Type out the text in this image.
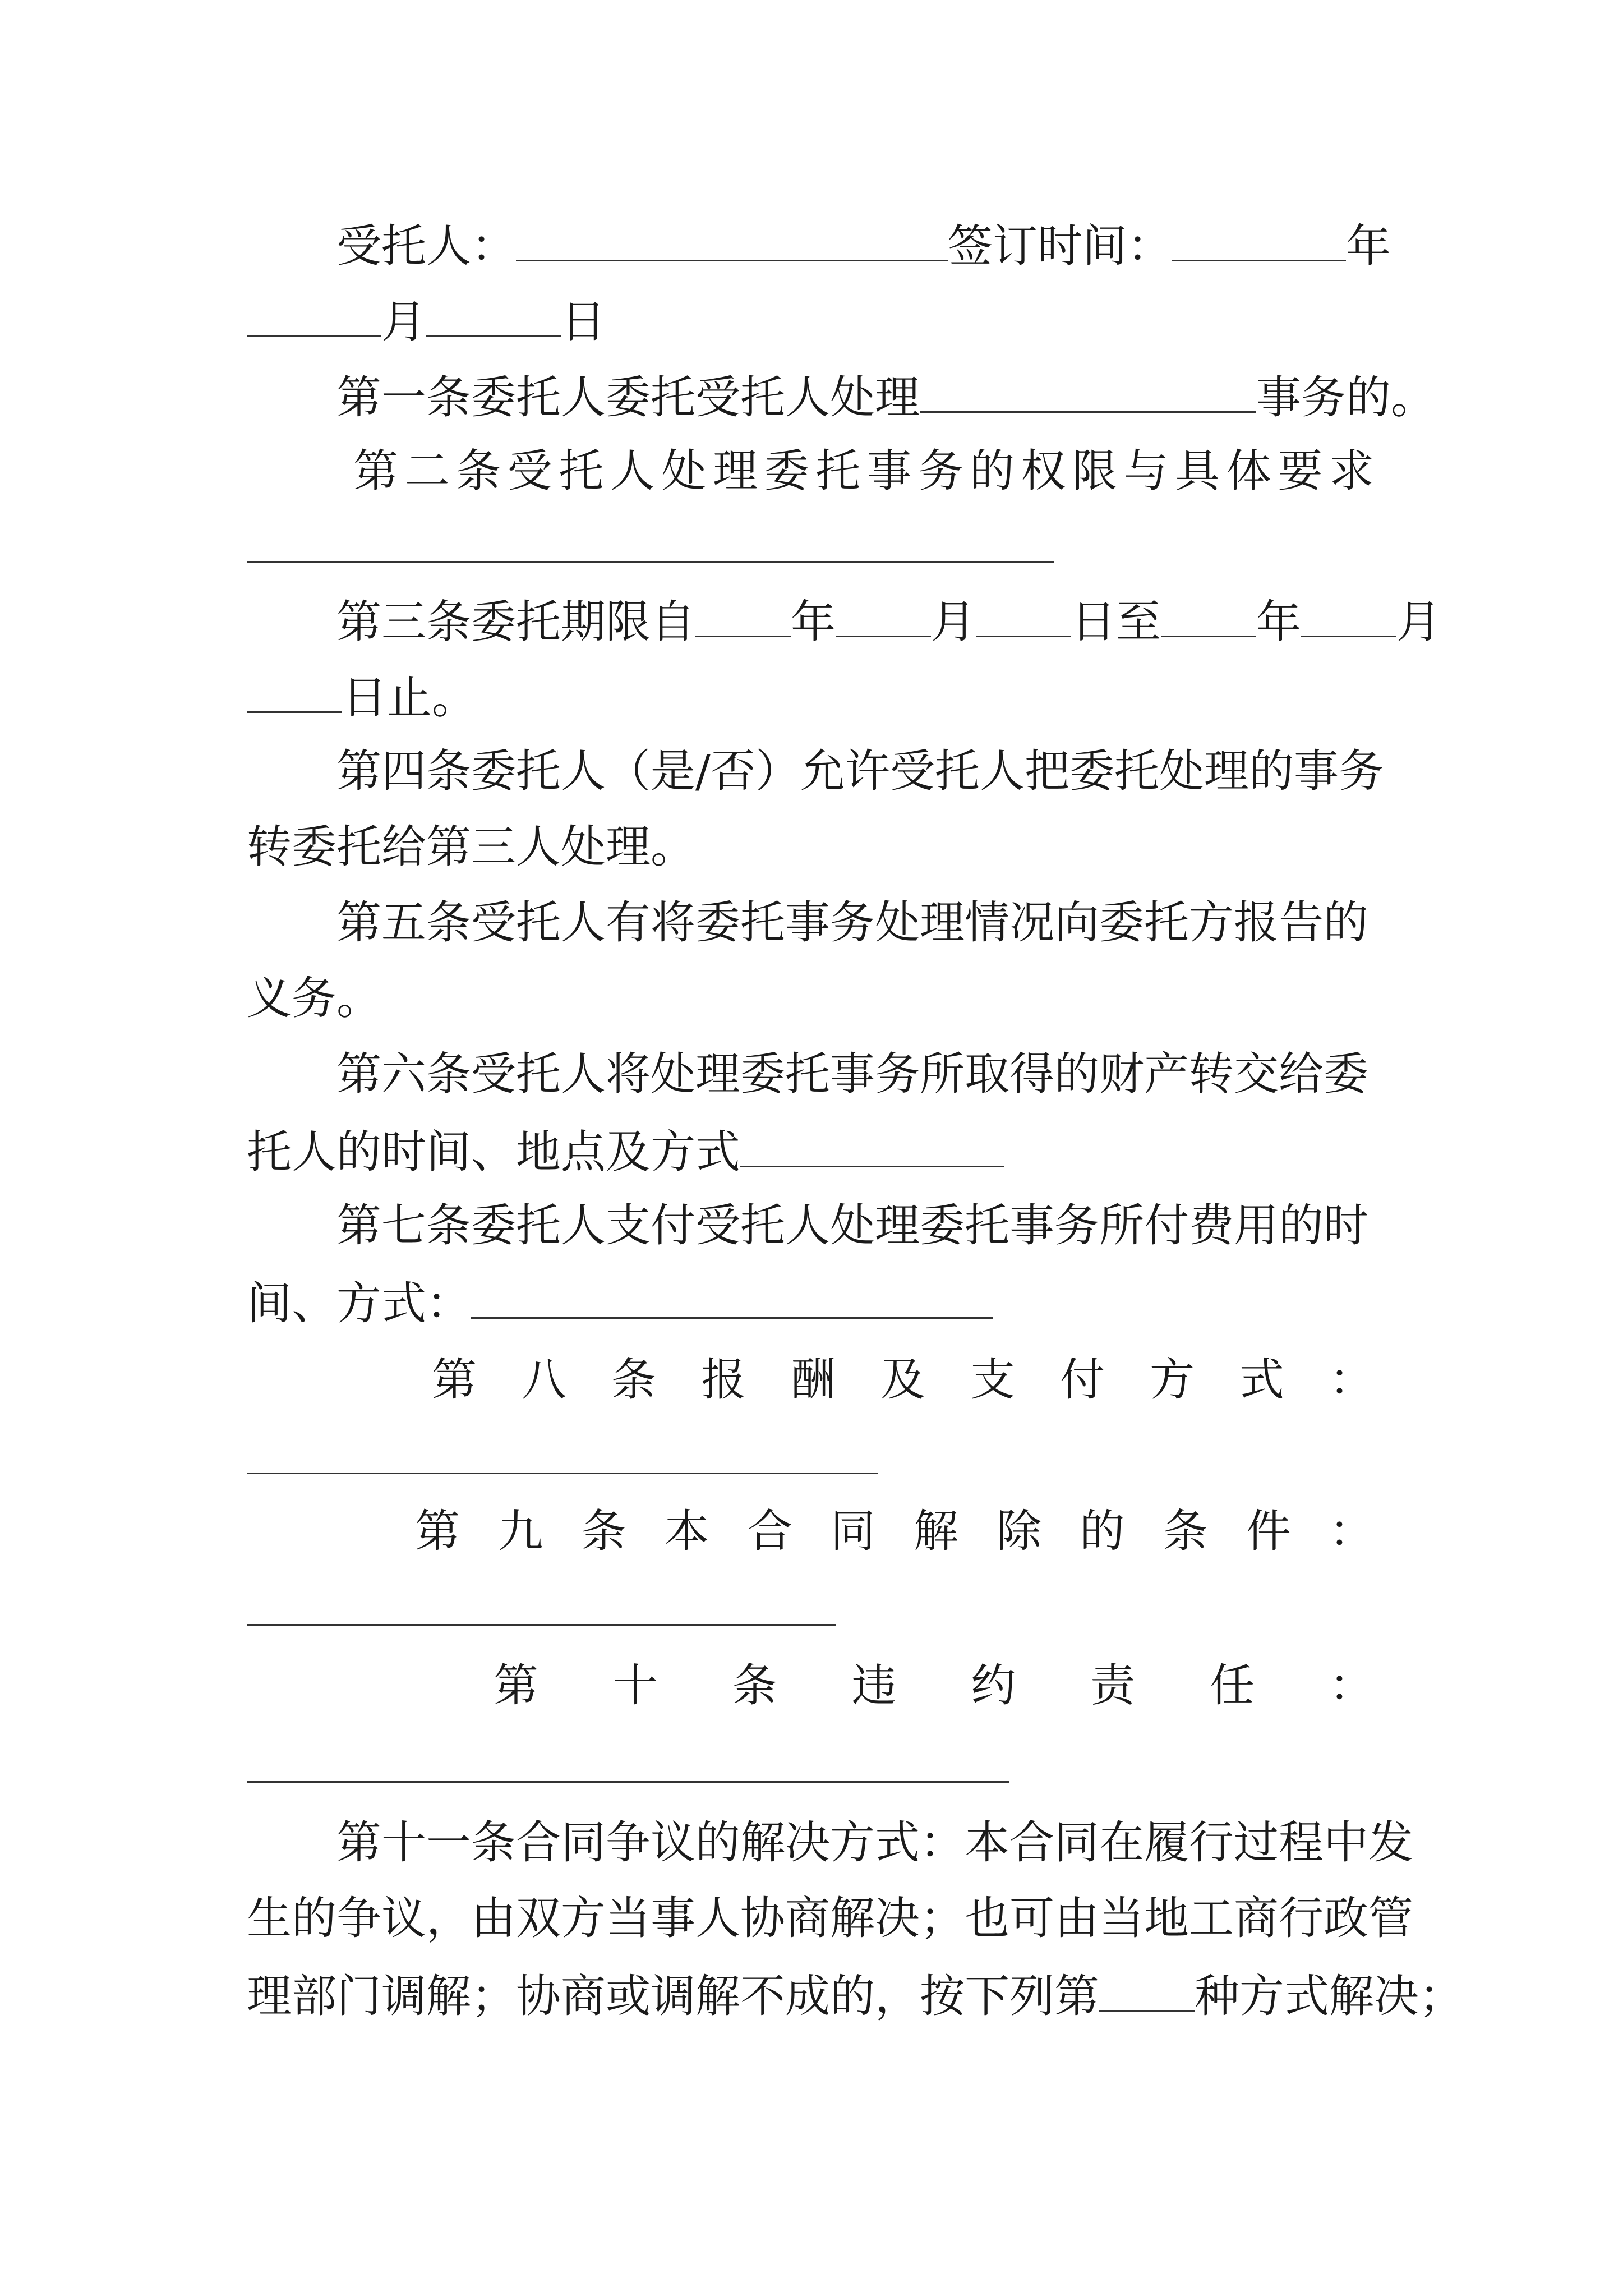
受托人：	签订时间：	年
月	日
第一条委托人委托受托人处理	事务的。
第 二 条 受 托 人 处 理 委 托 事 务 的 权 限 与 具 体 要 求
第三条委托期限自 年 月 日至 年 月
日止。
第四条委托人（是/否）允许受托人把委托处理的事务
转委托给第三人处理。
第五条受托人有将委托事务处理情况向委托方报告的
义务。
第六条受托人将处理委托事务所取得的财产转交给委
托人的时间、地点及方式
第七条委托人支付受托人处理委托事务所付费用的时
间、方式：
第 八 条 报 酬 及 支 付 方 式 ：
第 九 条 本 合 同 解 除 的 条 件 ：
第 十 条 违 约 责 任 ：
第十一条合同争议的解决方式：本合同在履行过程中发
生的争议，由双方当事人协商解决；也可由当地工商行政管
理部门调解；协商或调解不成的，按下列第 种方式解决；
